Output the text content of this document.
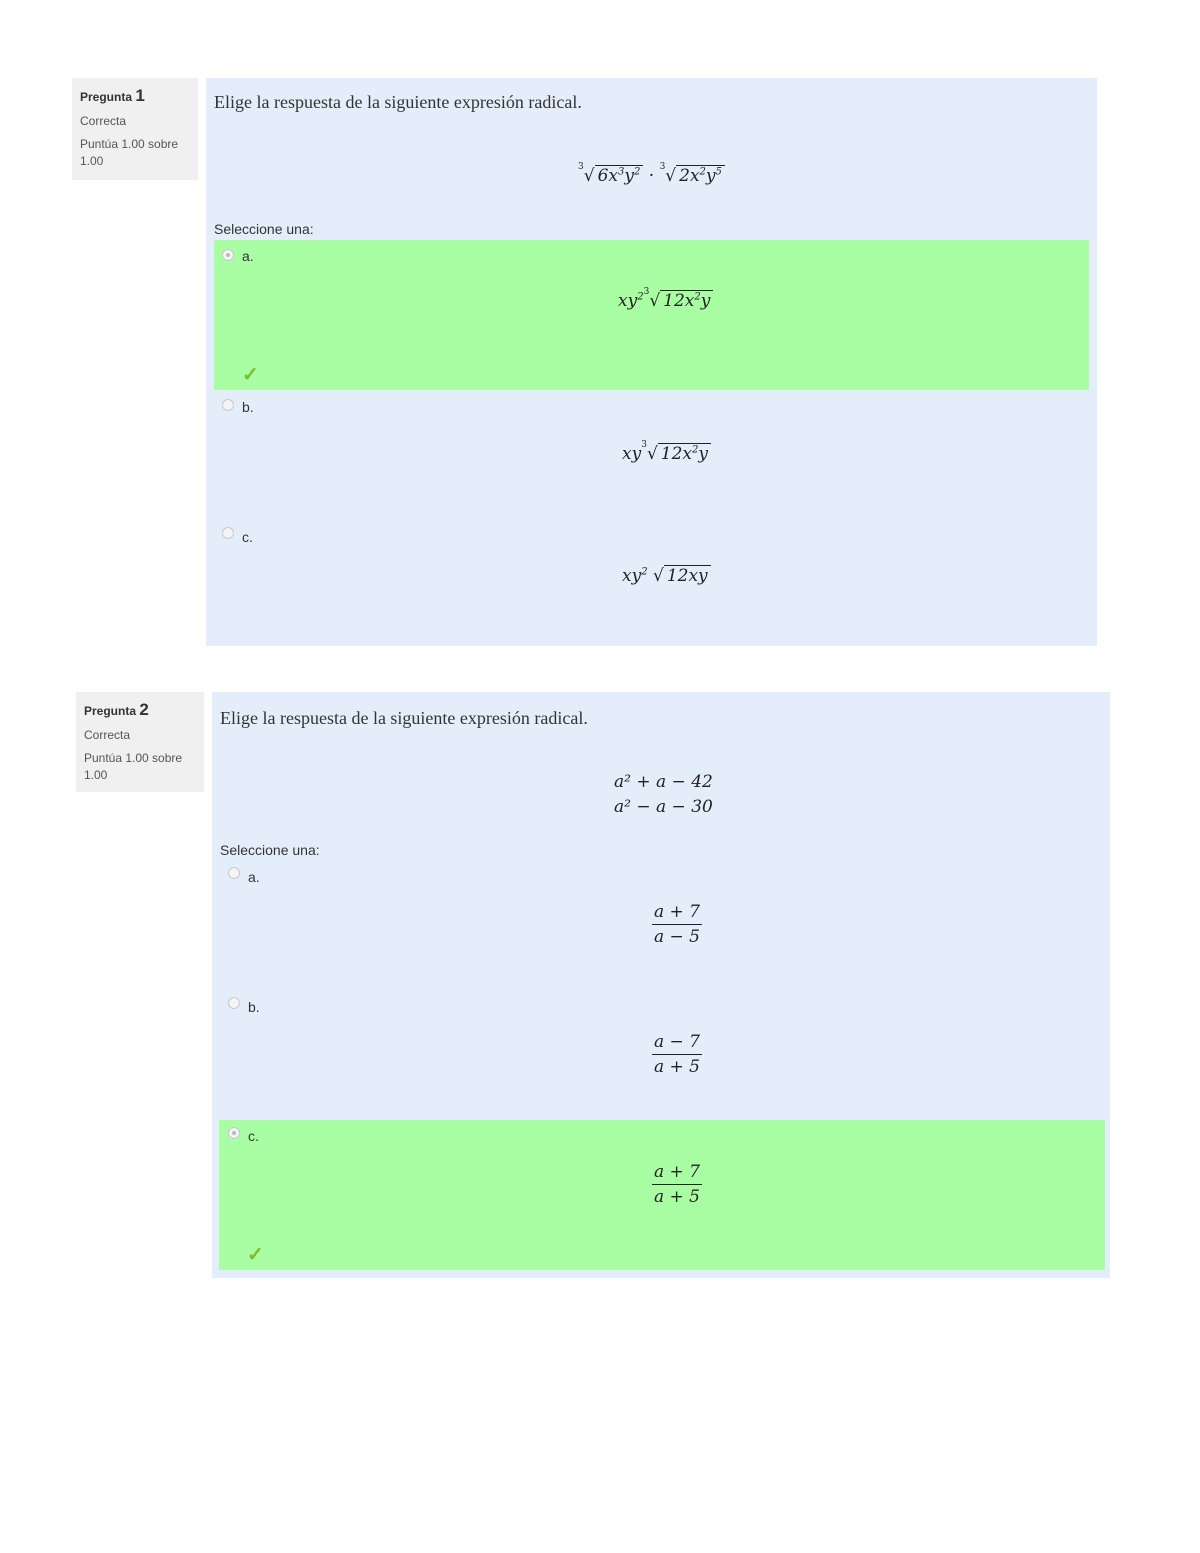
Pregunta 1
Correcta
Puntúa 1.00 sobre 1.00
Elige la respuesta de la siguiente expresión radical.
$^3$√ $6x^3y^2 \cdot ^3√$ $2x^2y^5$
Seleccione una:
a.
$xy^{23}√$ $12x^2y$
✓
b.
$xy^3√$ $12x^2y$
c.
$xy^2$ √ 12xy
Pregunta 2
Correcta
Puntúa 1.00 sobre 1.00
Elige la respuesta de la siguiente expresión radical.
a² + a − 42
a² − a − 30
Seleccione una:
a.
$\frac{a + 7}{a - 5}$
b.
$\frac{a - 7}{a + 5}$
c.
$\frac{a + 7}{a + 5}$
✓
